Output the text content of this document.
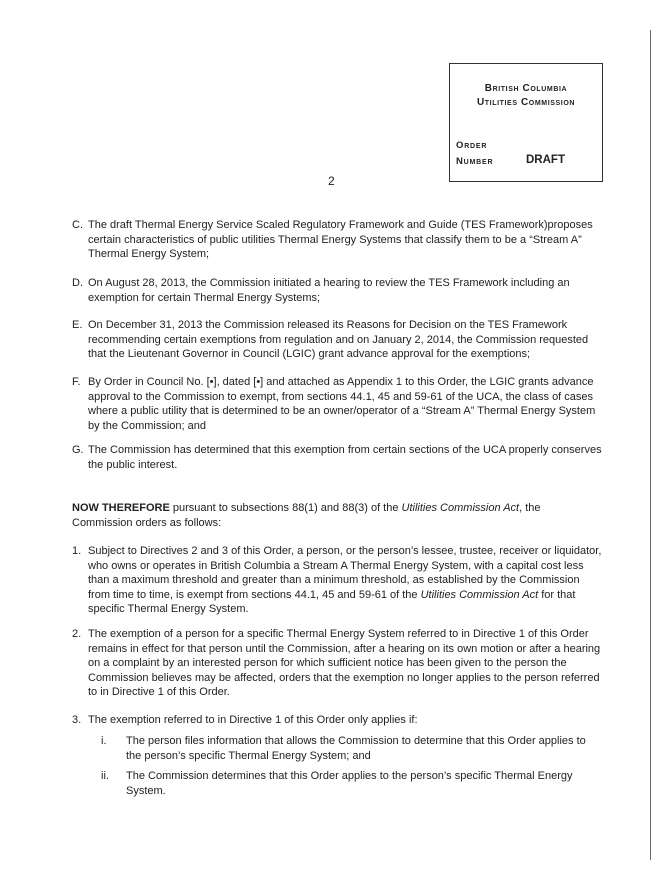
British Columbia
Utilities Commission
Order
Number	DRAFT
2
C. The draft Thermal Energy Service Scaled Regulatory Framework and Guide (TES Framework)proposes certain characteristics of public utilities Thermal Energy Systems that classify them to be a “Stream A” Thermal Energy System;
D. On August 28, 2013, the Commission initiated a hearing to review the TES Framework including an exemption for certain Thermal Energy Systems;
E. On December 31, 2013 the Commission released its Reasons for Decision on the TES Framework recommending certain exemptions from regulation and on January 2, 2014, the Commission requested that the Lieutenant Governor in Council (LGIC) grant advance approval for the exemptions;
F. By Order in Council No. [•], dated [•] and attached as Appendix 1 to this Order, the LGIC grants advance approval to the Commission to exempt, from sections 44.1, 45 and 59-61 of the UCA, the class of cases where a public utility that is determined to be an owner/operator of a “Stream A” Thermal Energy System by the Commission; and
G. The Commission has determined that this exemption from certain sections of the UCA properly conserves the public interest.
NOW THEREFORE pursuant to subsections 88(1) and 88(3) of the Utilities Commission Act, the Commission orders as follows:
1. Subject to Directives 2 and 3 of this Order, a person, or the person’s lessee, trustee, receiver or liquidator, who owns or operates in British Columbia a Stream A Thermal Energy System, with a capital cost less than a maximum threshold and greater than a minimum threshold, as established by the Commission from time to time, is exempt from sections 44.1, 45 and 59-61 of the Utilities Commission Act for that specific Thermal Energy System.
2. The exemption of a person for a specific Thermal Energy System referred to in Directive 1 of this Order remains in effect for that person until the Commission, after a hearing on its own motion or after a hearing on a complaint by an interested person for which sufficient notice has been given to the person the Commission believes may be affected, orders that the exemption no longer applies to the person referred to in Directive 1 of this Order.
3. The exemption referred to in Directive 1 of this Order only applies if:
i. The person files information that allows the Commission to determine that this Order applies to the person’s specific Thermal Energy System; and
ii. The Commission determines that this Order applies to the person’s specific Thermal Energy System.
